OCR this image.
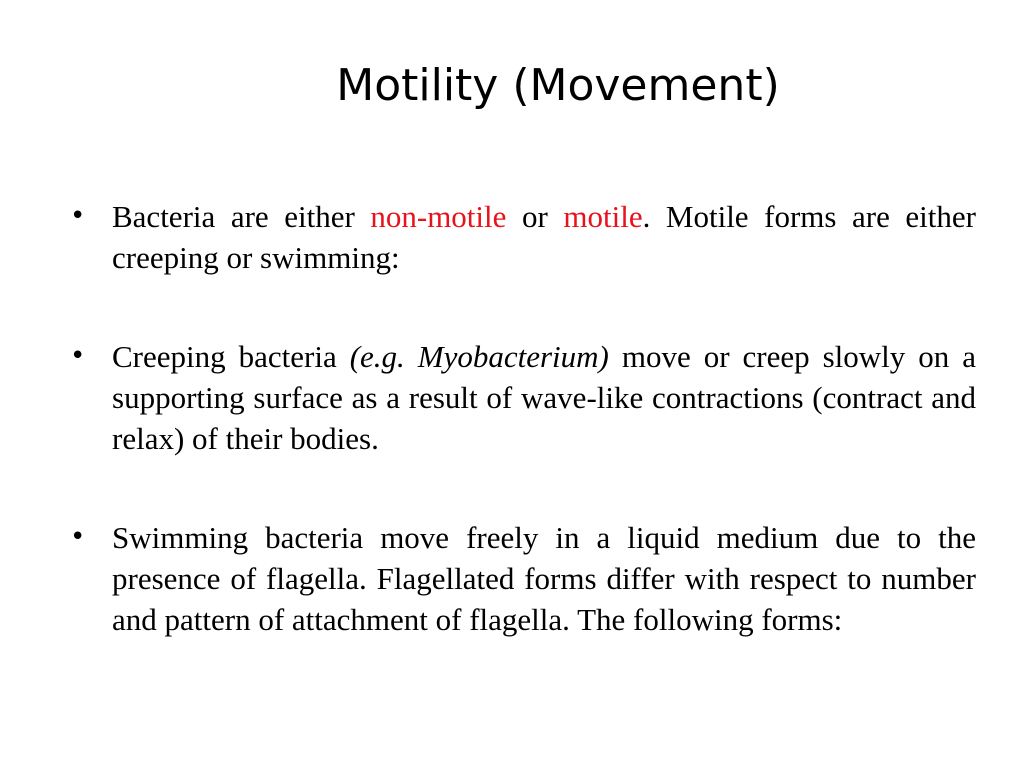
Motility (Movement)
• Bacteria are either non-motile or motile. Motile forms are either creeping or swimming:
• Creeping bacteria (e.g. Myobacterium) move or creep slowly on a supporting surface as a result of wave-like contractions (contract and relax) of their bodies.
• Swimming bacteria move freely in a liquid medium due to the presence of flagella. Flagellated forms differ with respect to number and pattern of attachment of flagella. The following forms:
